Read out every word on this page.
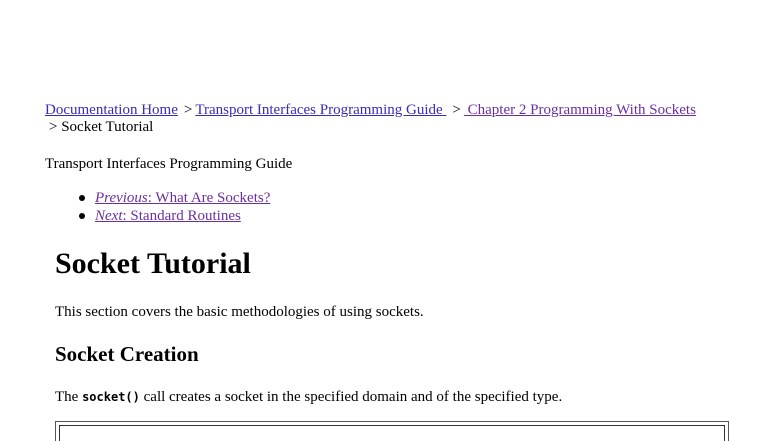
Documentation Home > Transport Interfaces Programming Guide > Chapter 2 Programming With Sockets
> Socket Tutorial
Transport Interfaces Programming Guide
Previous: What Are Sockets?
Next: Standard Routines
Socket Tutorial

This section covers the basic methodologies of using sockets.

Socket Creation

The socket() call creates a socket in the specified domain and of the specified type.
